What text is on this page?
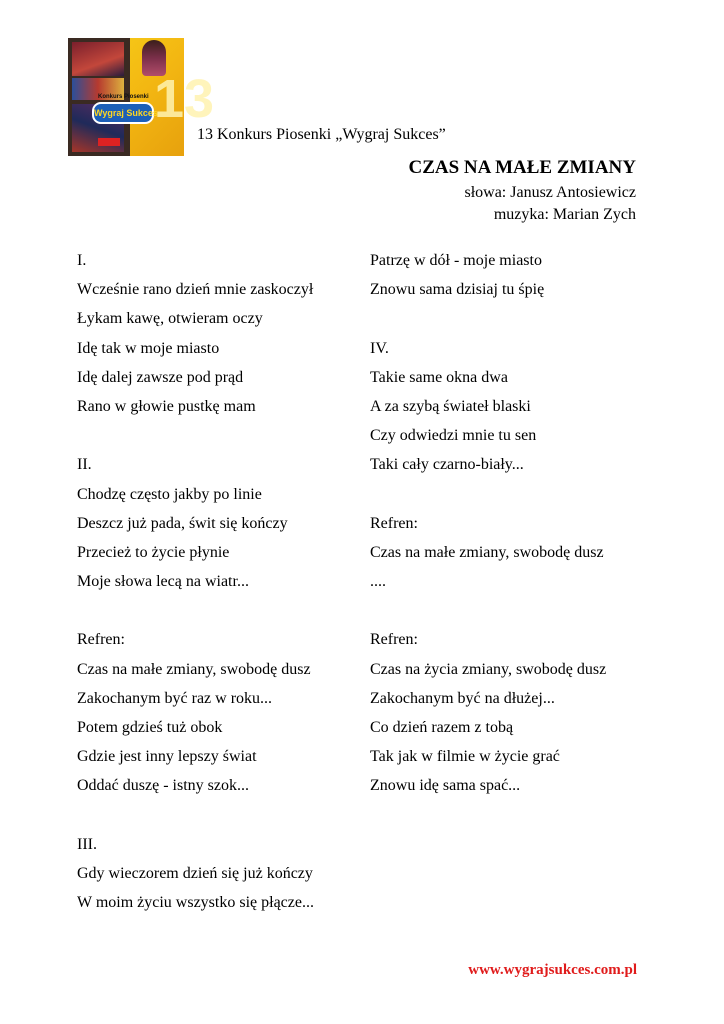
13
Konkurs Piosenki
Wygraj Sukces
13 Konkurs Piosenki „Wygraj Sukces”
CZAS NA MAŁE ZMIANY
słowa: Janusz Antosiewicz
muzyka: Marian Zych
I.
Wcześnie rano dzień mnie zaskoczył
Łykam kawę, otwieram oczy
Idę tak w moje miasto
Idę dalej zawsze pod prąd
Rano w głowie pustkę mam
II.
Chodzę często jakby po linie
Deszcz już pada, świt się kończy
Przecież to życie płynie
Moje słowa lecą na wiatr...
Refren:
Czas na małe zmiany, swobodę dusz
Zakochanym być raz w roku...
Potem gdzieś tuż obok
Gdzie jest inny lepszy świat
Oddać duszę - istny szok...
III.
Gdy wieczorem dzień się już kończy
W moim życiu wszystko się płącze...
Patrzę w dół - moje miasto
Znowu sama dzisiaj tu śpię
IV.
Takie same okna dwa
A za szybą świateł blaski
Czy odwiedzi mnie tu sen
Taki cały czarno-biały...
Refren:
Czas na małe zmiany, swobodę dusz
....
Refren:
Czas na życia zmiany, swobodę dusz
Zakochanym być na dłużej...
Co dzień razem z tobą
Tak jak w filmie w życie grać
Znowu idę sama spać...
www.wygrajsukces.com.pl
